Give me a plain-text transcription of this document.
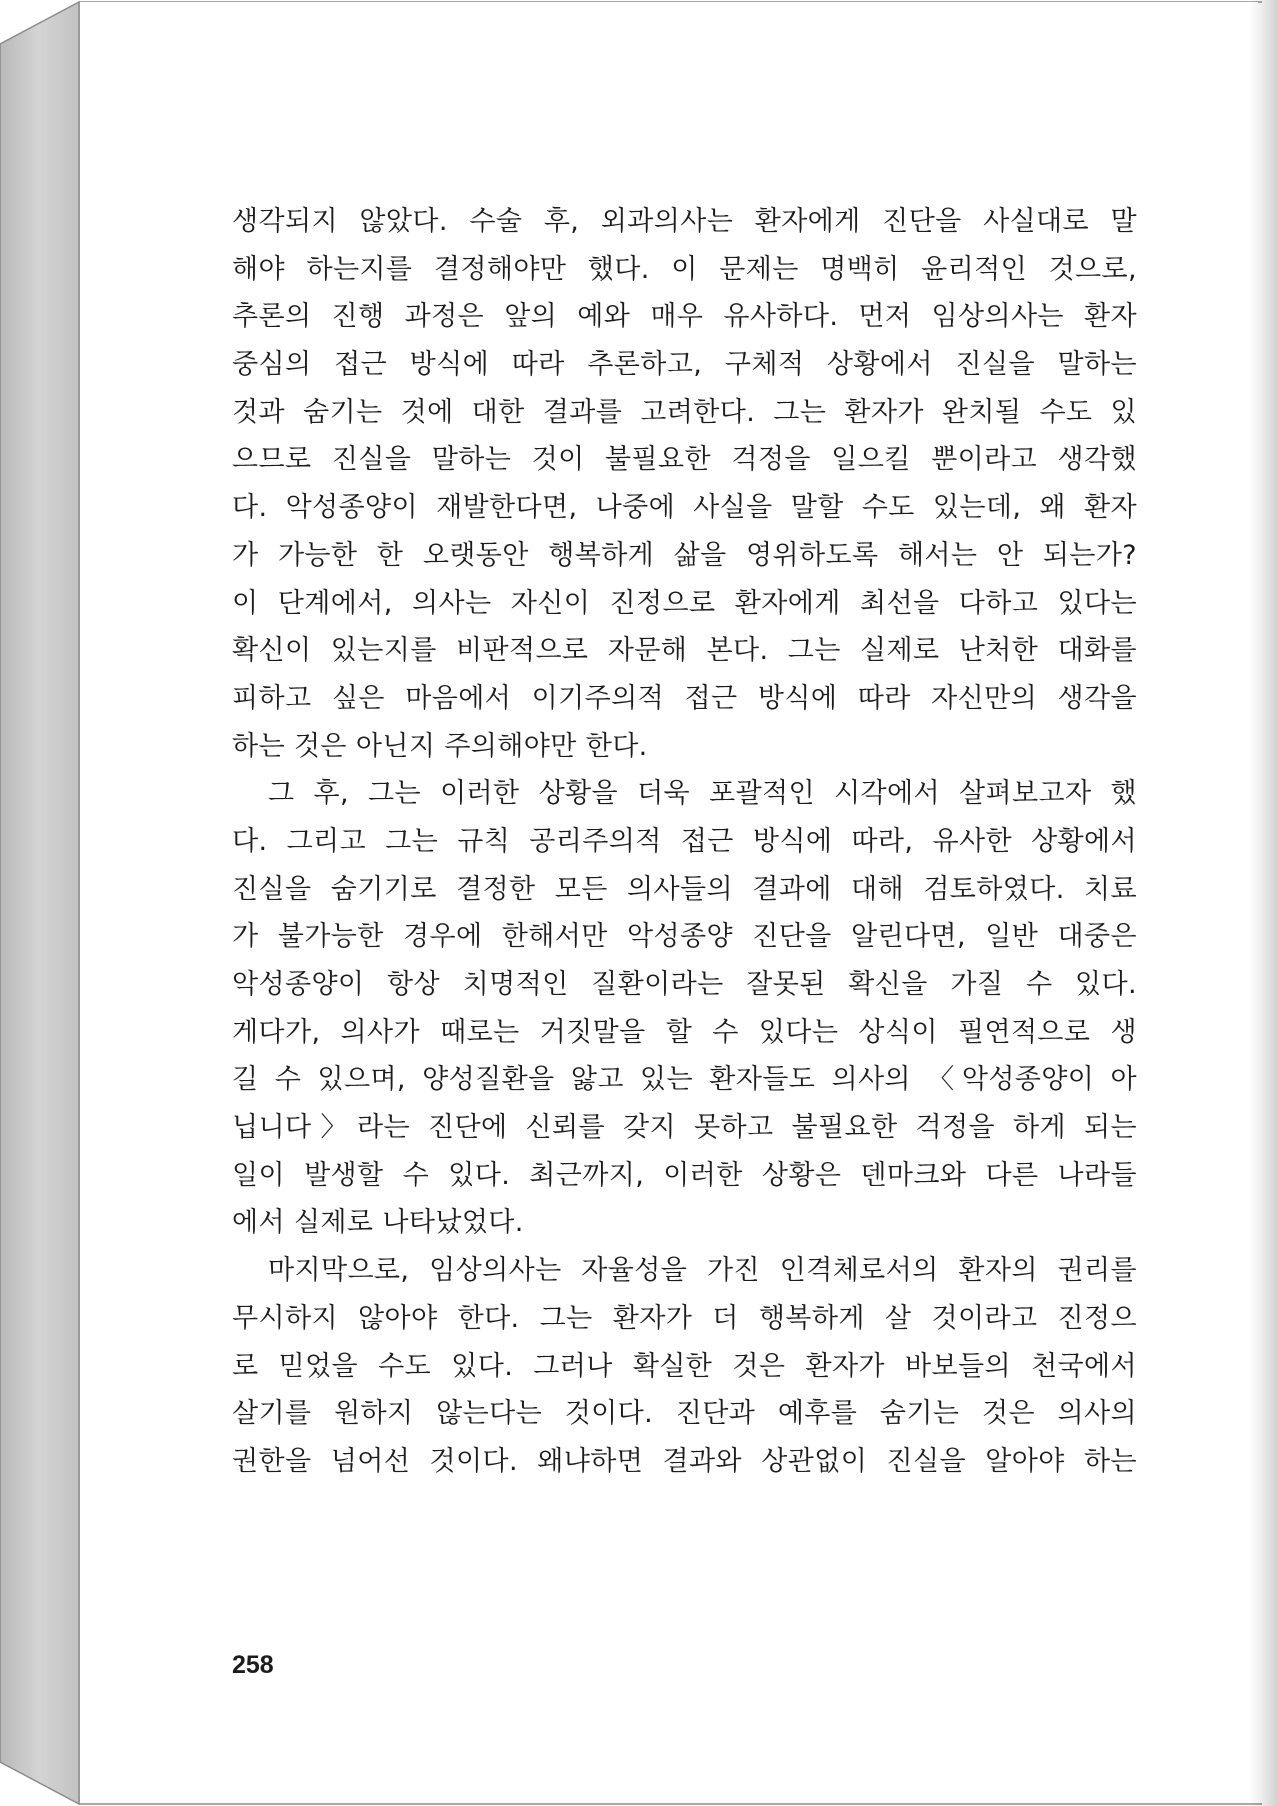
생각되지 않았다. 수술 후, 외과의사는 환자에게 진단을 사실대로 말
해야 하는지를 결정해야만 했다. 이 문제는 명백히 윤리적인 것으로,
추론의 진행 과정은 앞의 예와 매우 유사하다. 먼저 임상의사는 환자
중심의 접근 방식에 따라 추론하고, 구체적 상황에서 진실을 말하는
것과 숨기는 것에 대한 결과를 고려한다. 그는 환자가 완치될 수도 있
으므로 진실을 말하는 것이 불필요한 걱정을 일으킬 뿐이라고 생각했
다. 악성종양이 재발한다면, 나중에 사실을 말할 수도 있는데, 왜 환자
가 가능한 한 오랫동안 행복하게 삶을 영위하도록 해서는 안 되는가?
이 단계에서, 의사는 자신이 진정으로 환자에게 최선을 다하고 있다는
확신이 있는지를 비판적으로 자문해 본다. 그는 실제로 난처한 대화를
피하고 싶은 마음에서 이기주의적 접근 방식에 따라 자신만의 생각을
하는 것은 아닌지 주의해야만 한다.
그 후, 그는 이러한 상황을 더욱 포괄적인 시각에서 살펴보고자 했
다. 그리고 그는 규칙 공리주의적 접근 방식에 따라, 유사한 상황에서
진실을 숨기기로 결정한 모든 의사들의 결과에 대해 검토하였다. 치료
가 불가능한 경우에 한해서만 악성종양 진단을 알린다면, 일반 대중은
악성종양이 항상 치명적인 질환이라는 잘못된 확신을 가질 수 있다.
게다가, 의사가 때로는 거짓말을 할 수 있다는 상식이 필연적으로 생
길 수 있으며, 양성질환을 앓고 있는 환자들도 의사의 〈악성종양이 아
닙니다〉라는 진단에 신뢰를 갖지 못하고 불필요한 걱정을 하게 되는
일이 발생할 수 있다. 최근까지, 이러한 상황은 덴마크와 다른 나라들
에서 실제로 나타났었다.
마지막으로, 임상의사는 자율성을 가진 인격체로서의 환자의 권리를
무시하지 않아야 한다. 그는 환자가 더 행복하게 살 것이라고 진정으
로 믿었을 수도 있다. 그러나 확실한 것은 환자가 바보들의 천국에서
살기를 원하지 않는다는 것이다. 진단과 예후를 숨기는 것은 의사의
권한을 넘어선 것이다. 왜냐하면 결과와 상관없이 진실을 알아야 하는
258
